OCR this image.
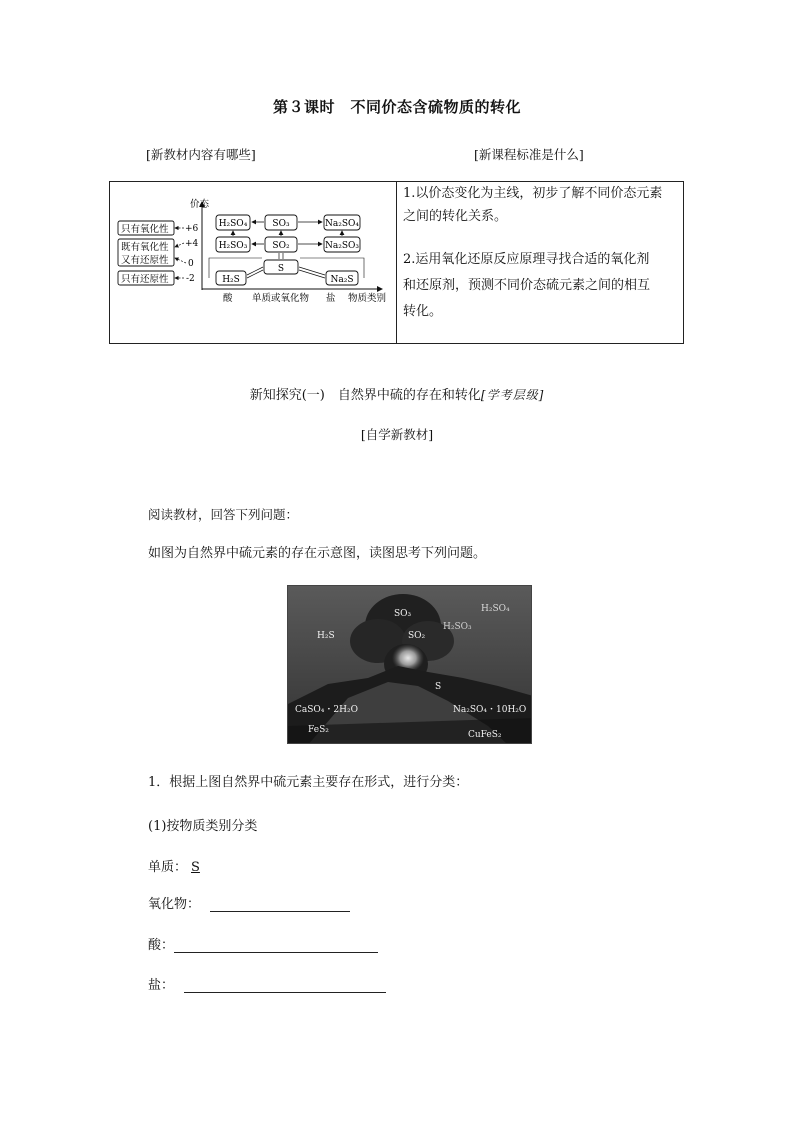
第３课时　不同价态含硫物质的转化
[新教材内容有哪些]	[新课程标准是什么]
价态
+6
+4
0
-2
只有氧化性
既有氧化性
又有还原性
只有还原性
H₂SO₄	SO₃	Na₂SO₄
H₂SO₃	SO₂	Na₂SO₃
S
H₂S	Na₂S
酸 单质或氧化物 盐 物质类别
1.以价态变化为主线，初步了解不同价态元素
之间的转化关系。
2.运用氧化还原反应原理寻找合适的氧化剂
和还原剂，预测不同价态硫元素之间的相互
转化。
新知探究(一)　自然界中硫的存在和转化[学考层级]
[自学新教材]
阅读教材，回答下列问题：
如图为自然界中硫元素的存在示意图，读图思考下列问题。
SO₃	H₂SO₄
H₂SO₃
H₂S	SO₂
S
CaSO₄・2H₂O	Na₂SO₄・10H₂O
FeS₂	CuFeS₂
1．根据上图自然界中硫元素主要存在形式，进行分类：
(1)按物质类别分类
单质： S
氧化物：
酸：
盐：
